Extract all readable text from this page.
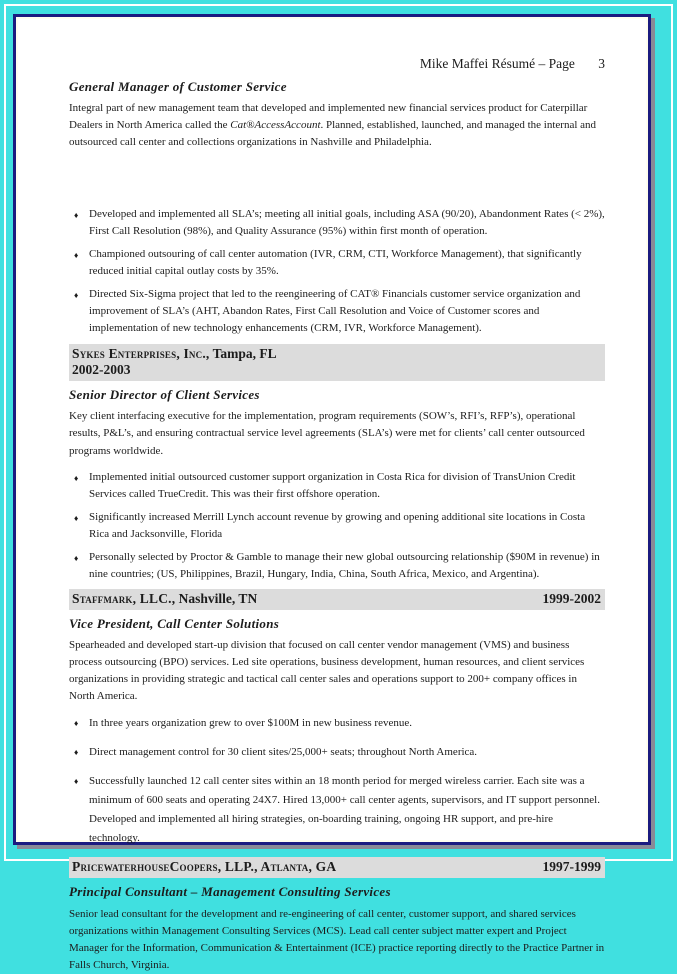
Mike Maffei Résumé – Page 3
General Manager of Customer Service

Integral part of new management team that developed and implemented new financial services product for Caterpillar Dealers in North America called the Cat®AccessAccount. Planned, established, launched, and managed the internal and outsourced call center and collections organizations in Nashville and Philadelphia.

♦ Developed and implemented all SLA’s; meeting all initial goals, including ASA (90/20), Abandonment Rates (< 2%), First Call Resolution (98%), and Quality Assurance (95%) within first month of operation.
♦ Championed outsouring of call center automation (IVR, CRM, CTI, Workforce Management), that significantly reduced initial capital outlay costs by 35%.
♦ Directed Six-Sigma project that led to the reengineering of CAT® Financials customer service organization and improvement of SLA’s (AHT, Abandon Rates, First Call Resolution and Voice of Customer scores and implementation of new technology enhancements (CRM, IVR, Workforce Management).
Sykes Enterprises, Inc., Tampa, FL
2002-2003
Senior Director of Client Services

Key client interfacing executive for the implementation, program requirements (SOW’s, RFI’s, RFP’s), operational results, P&L’s, and ensuring contractual service level agreements (SLA’s) were met for clients’ call center outsourced programs worldwide.

♦ Implemented initial outsourced customer support organization in Costa Rica for division of TransUnion Credit Services called TrueCredit. This was their first offshore operation.
♦ Significantly increased Merrill Lynch account revenue by growing and opening additional site locations in Costa Rica and Jacksonville, Florida
♦ Personally selected by Proctor & Gamble to manage their new global outsourcing relationship ($90M in revenue) in nine countries; (US, Philippines, Brazil, Hungary, India, China, South Africa, Mexico, and Argentina).
Staffmark, LLC., Nashville, TN	1999-2002
Vice President, Call Center Solutions

Spearheaded and developed start-up division that focused on call center vendor management (VMS) and business process outsourcing (BPO) services. Led site operations, business development, human resources, and client services organizations in providing strategic and tactical call center sales and operations support to 200+ company offices in North America.

♦ In three years organization grew to over $100M in new business revenue.
♦ Direct management control for 30 client sites/25,000+ seats; throughout North America.
♦ Successfully launched 12 call center sites within an 18 month period for merged wireless carrier. Each site was a minimum of 600 seats and operating 24X7. Hired 13,000+ call center agents, supervisors, and IT support personnel. Developed and implemented all hiring strategies, on-boarding training, ongoing HR support, and pre-hire technology.
PricewaterhouseCoopers, LLP., Atlanta, GA	1997-1999
Principal Consultant – Management Consulting Services

Senior lead consultant for the development and re-engineering of call center, customer support, and shared services organizations within Management Consulting Services (MCS). Lead call center subject matter expert and Project Manager for the Information, Communication & Entertainment (ICE) practice reporting directly to the Practice Partner in Falls Church, Virginia.
